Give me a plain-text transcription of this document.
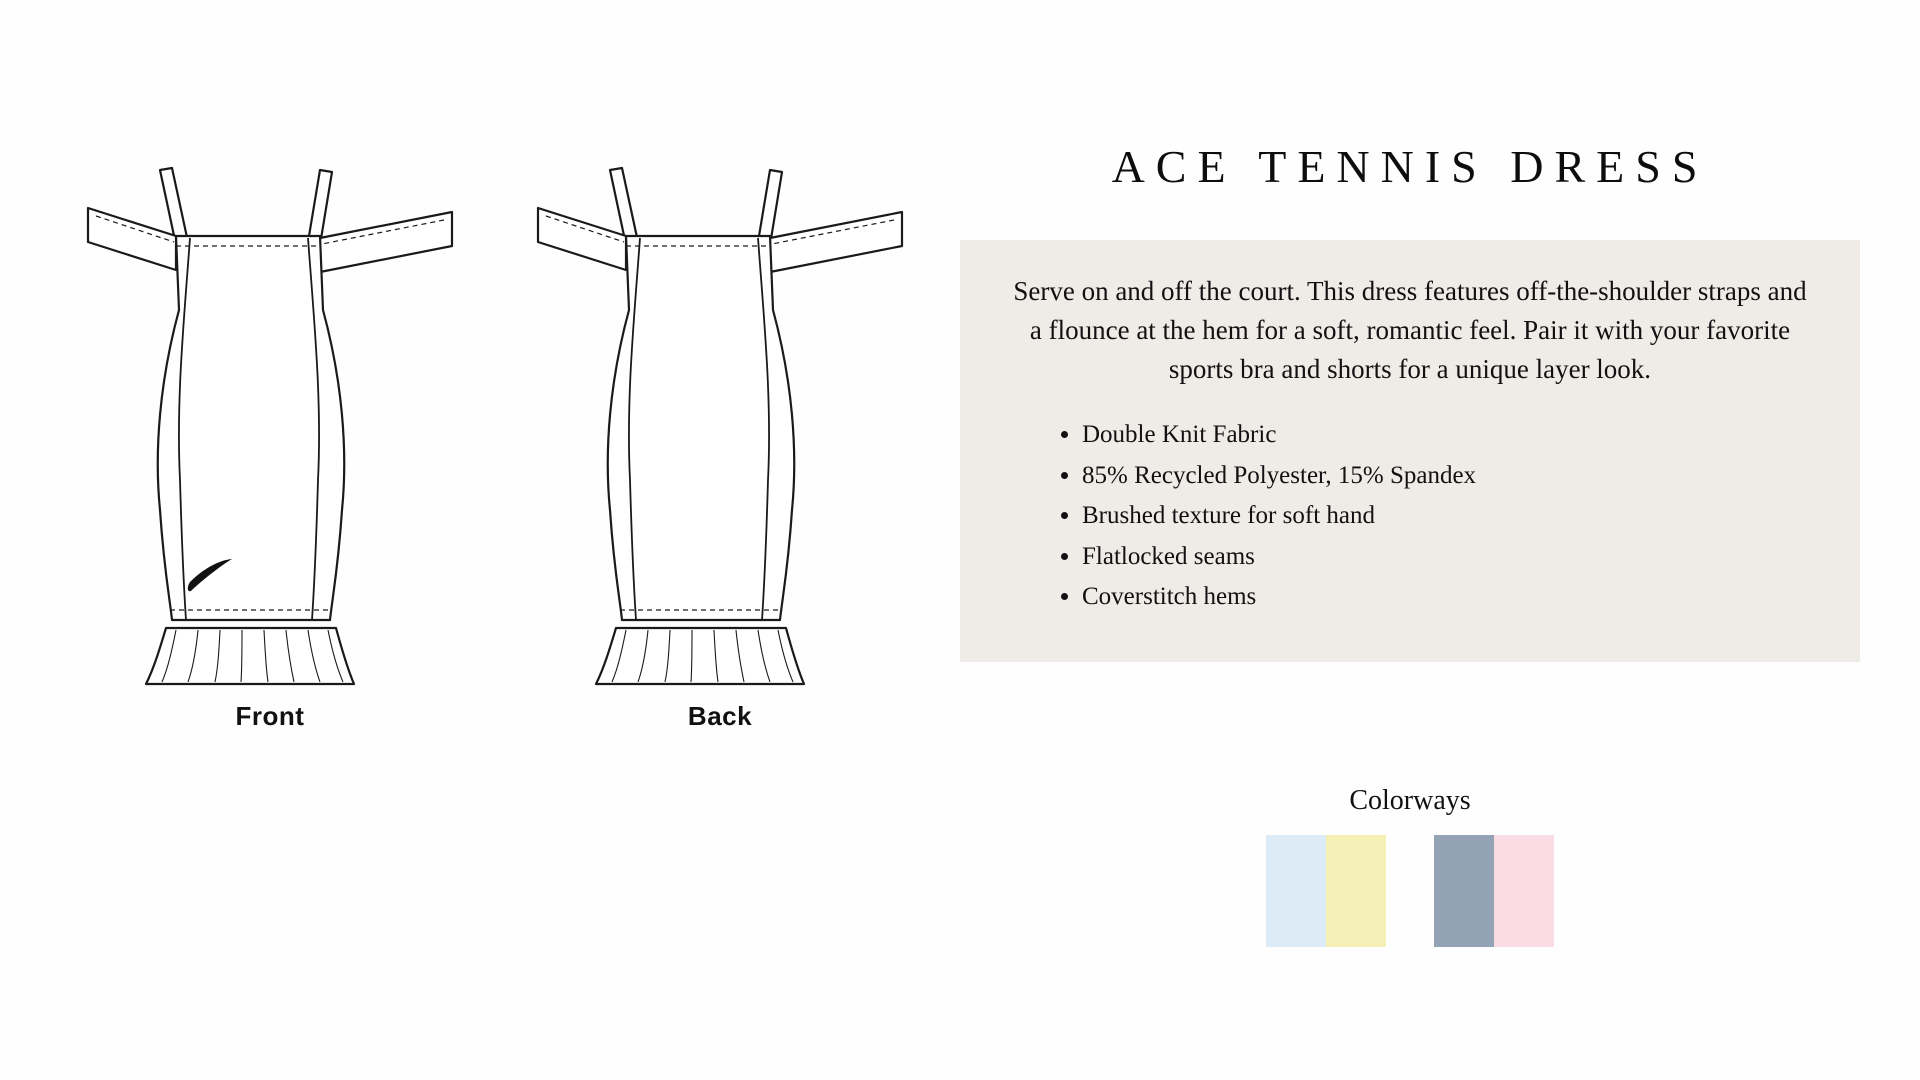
Front	Back
ACE TENNIS DRESS

Serve on and off the court. This dress features off-the-shoulder straps and a flounce at the hem for a soft, romantic feel. Pair it with your favorite sports bra and shorts for a unique layer look.

• Double Knit Fabric
• 85% Recycled Polyester, 15% Spandex
• Brushed texture for soft hand
• Flatlocked seams
• Coverstitch hems
Colorways
